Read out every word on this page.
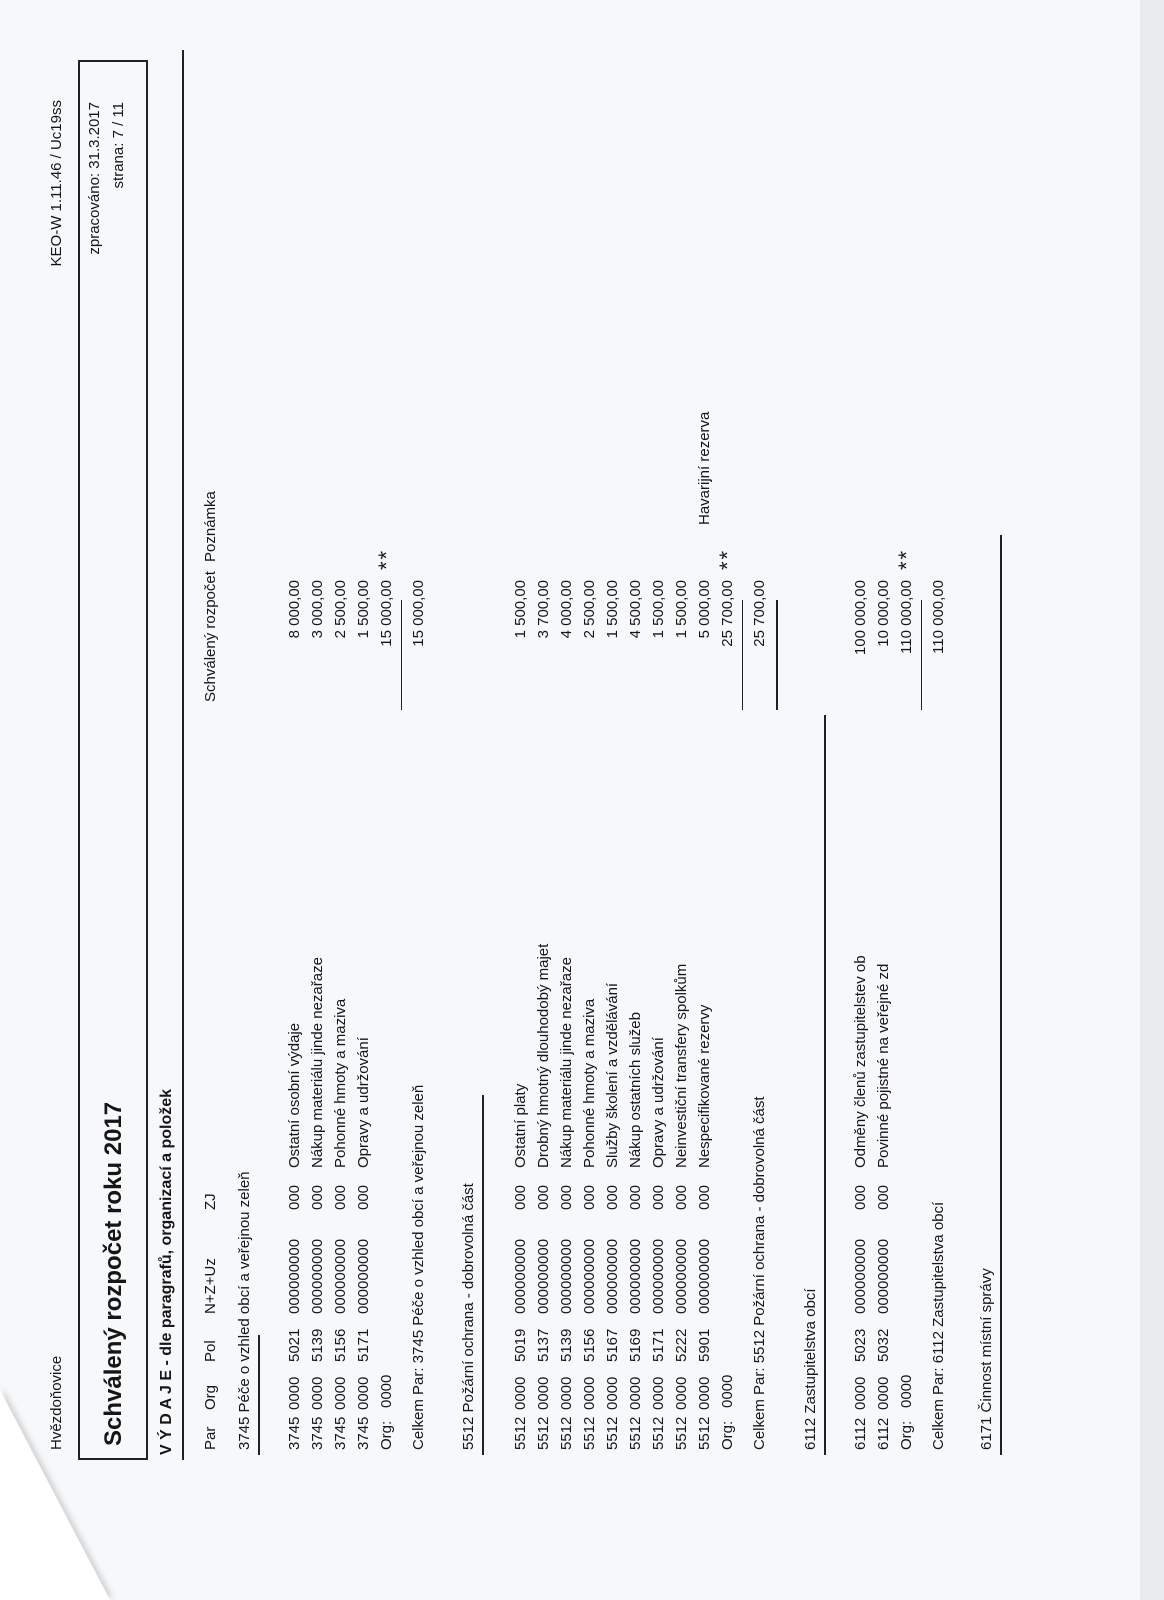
Hvězdoňovice
KEO-W 1.11.46 / Uc19ss
Schválený rozpočet roku 2017
zpracováno: 31.3.2017 strana: 7 / 11
V Ý D A J E - dle paragrafů, organizací a položek Par
Org
Pol
N+Z+Uz
ZJ
Schválený rozpočet
Poznámka
3745 Péče o vzhled obcí a veřejnou zeleň 3745
0000
5021
000000000
000
Ostatní osobní výdaje
8 000,00
3745
0000
5139
000000000
000
Nákup materiálu jinde nezařaze
3 000,00
3745
0000
5156
000000000
000
Pohonné hmoty a maziva
2 500,00
3745
0000
5171
000000000
000
Opravy a udržování
1 500,00
Org:
0000
15 000,00
**
Celkem Par: 3745 Péče o vzhled obcí a veřejnou zeleň
15 000,00
5512 Požární ochrana - dobrovolná část 5512
0000
5019
000000000
000
Ostatní platy
1 500,00
5512
0000
5137
000000000
000
Drobný hmotný dlouhodobý majet
3 700,00
5512
0000
5139
000000000
000
Nákup materiálu jinde nezařaze
4 000,00
5512
0000
5156
000000000
000
Pohonné hmoty a maziva
2 500,00
5512
0000
5167
000000000
000
Služby školení a vzdělávání
1 500,00
5512
0000
5169
000000000
000
Nákup ostatních služeb
4 500,00
5512
0000
5171
000000000
000
Opravy a udržování
1 500,00
5512
0000
5222
000000000
000
Neinvestiční transfery spolkům
1 500,00
5512
0000
5901
000000000
000
Nespecifikované rezervy
5 000,00
Havarijní rezerva
Org:
0000
25 700,00
**
Celkem Par: 5512 Požární ochrana - dobrovolná část
25 700,00
6112 Zastupitelstva obcí 6112
0000
5023
000000000
000
Odměny členů zastupitelstev ob
100 000,00
6112
0000
5032
000000000
000
Povinné pojistné na veřejné zd
10 000,00
Org:
0000
110 000,00
**
Celkem Par: 6112 Zastupitelstva obcí
110 000,00
6171 Činnost místní správy
